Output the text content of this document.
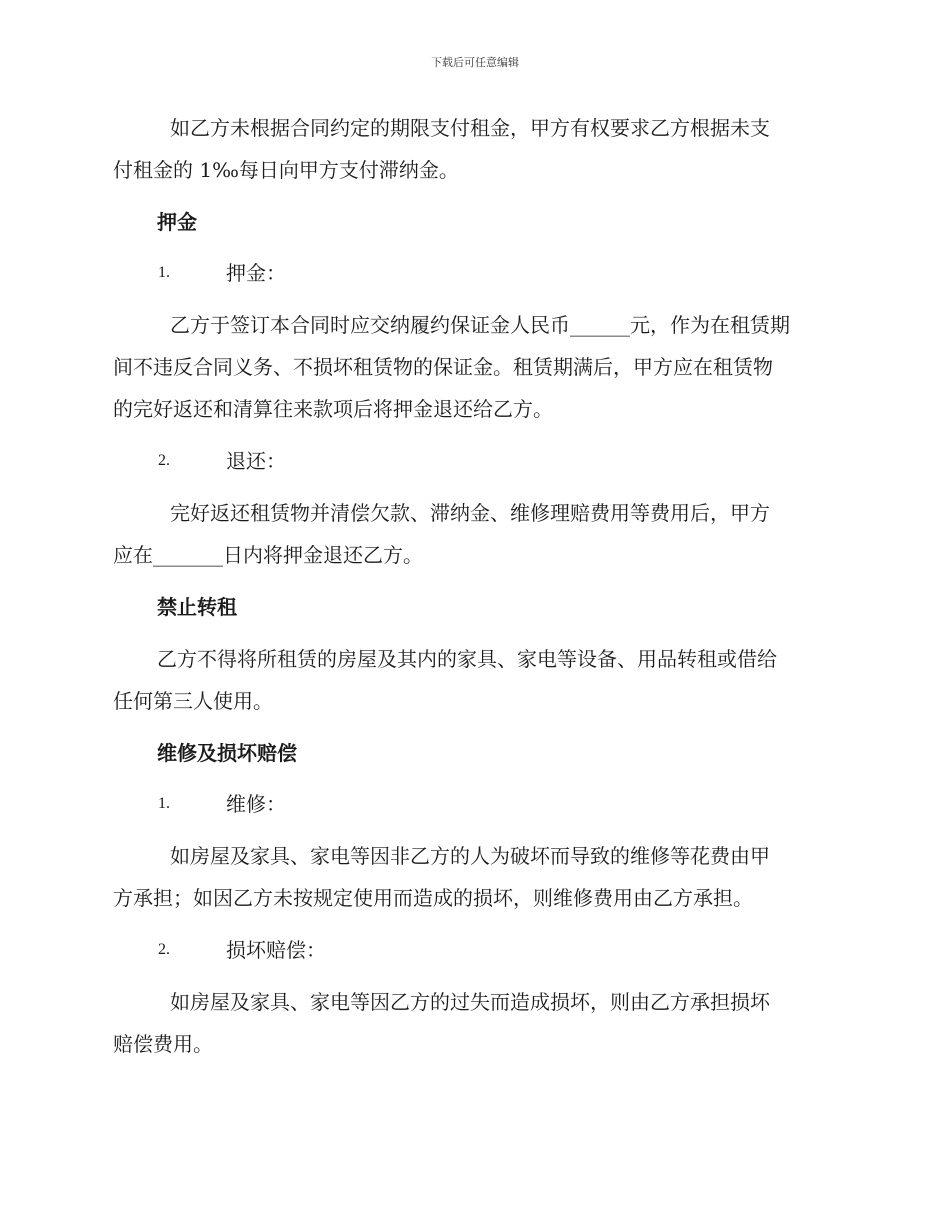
下载后可任意编辑
如乙方未根据合同约定的期限支付租金，甲方有权要求乙方根据未支
付租金的 1‰每日向甲方支付滞纳金。
押金
1.	押金：
乙方于签订本合同时应交纳履约保证金人民币______元，作为在租赁期
间不违反合同义务、不损坏租赁物的保证金。租赁期满后，甲方应在租赁物
的完好返还和清算往来款项后将押金退还给乙方。
2.	退还：
完好返还租赁物并清偿欠款、滞纳金、维修理赔费用等费用后，甲方
应在_______日内将押金退还乙方。
禁止转租
乙方不得将所租赁的房屋及其内的家具、家电等设备、用品转租或借给
任何第三人使用。
维修及损坏赔偿
1.	维修：
如房屋及家具、家电等因非乙方的人为破坏而导致的维修等花费由甲
方承担；如因乙方未按规定使用而造成的损坏，则维修费用由乙方承担。
2.	损坏赔偿：
如房屋及家具、家电等因乙方的过失而造成损坏，则由乙方承担损坏
赔偿费用。
